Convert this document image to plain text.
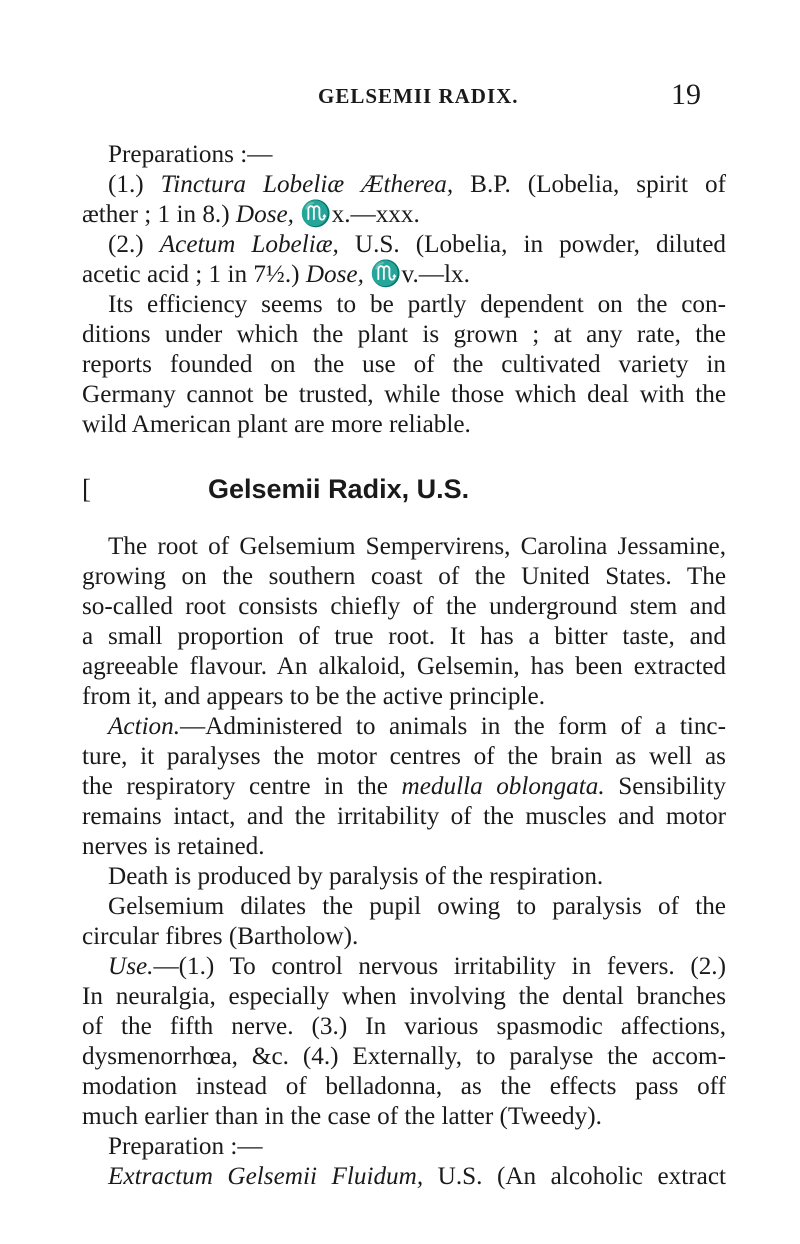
GELSEMII RADIX.	19
Preparations :—
(1.) Tinctura Lobeliæ Ætherea, B.P. (Lobelia, spirit of
æther ; 1 in 8.) Dose, ♏x.—xxx.
(2.) Acetum Lobeliæ, U.S. (Lobelia, in powder, diluted
acetic acid ; 1 in 7½.) Dose, ♏v.—lx.
Its efficiency seems to be partly dependent on the con-
ditions under which the plant is grown ; at any rate, the
reports founded on the use of the cultivated variety in
Germany cannot be trusted, while those which deal with the
wild American plant are more reliable.
[	Gelsemii Radix, U.S.
The root of Gelsemium Sempervirens, Carolina Jessamine,
growing on the southern coast of the United States. The
so-called root consists chiefly of the underground stem and
a small proportion of true root. It has a bitter taste, and
agreeable flavour. An alkaloid, Gelsemin, has been extracted
from it, and appears to be the active principle.
Action.—Administered to animals in the form of a tinc-
ture, it paralyses the motor centres of the brain as well as
the respiratory centre in the medulla oblongata. Sensibility
remains intact, and the irritability of the muscles and motor
nerves is retained.
Death is produced by paralysis of the respiration.
Gelsemium dilates the pupil owing to paralysis of the
circular fibres (Bartholow).
Use.—(1.) To control nervous irritability in fevers. (2.)
In neuralgia, especially when involving the dental branches
of the fifth nerve. (3.) In various spasmodic affections,
dysmenorrhœa, &c. (4.) Externally, to paralyse the accom-
modation instead of belladonna, as the effects pass off
much earlier than in the case of the latter (Tweedy).
Preparation :—
Extractum Gelsemii Fluidum, U.S. (An alcoholic extract
